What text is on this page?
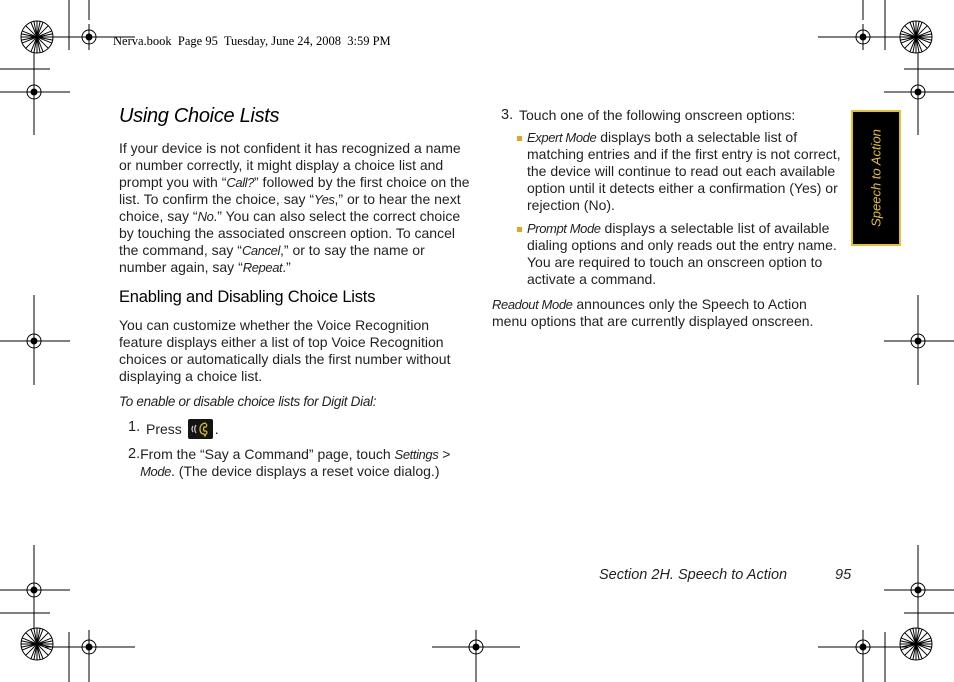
Nerva.book  Page 95  Tuesday, June 24, 2008  3:59 PM
Using Choice Lists
If your device is not confident it has recognized a name or number correctly, it might display a choice list and prompt you with “Call?” followed by the first choice on the list. To confirm the choice, say “Yes,” or to hear the next choice, say “No.” You can also select the correct choice by touching the associated onscreen option. To cancel the command, say “Cancel,” or to say the name or number again, say “Repeat.”
Enabling and Disabling Choice Lists
You can customize whether the Voice Recognition feature displays either a list of top Voice Recognition choices or automatically dials the first number without displaying a choice list.
To enable or disable choice lists for Digit Dial:
1. Press
.
2. From the “Say a Command” page, touch Settings > Mode. (The device displays a reset voice dialog.)
3. Touch one of the following onscreen options:
Expert Mode displays both a selectable list of matching entries and if the first entry is not correct, the device will continue to read out each available option until it detects either a confirmation (Yes) or rejection (No).
Prompt Mode displays a selectable list of available dialing options and only reads out the entry name. You are required to touch an onscreen option to activate a command.
Readout Mode announces only the Speech to Action menu options that are currently displayed onscreen.
Speech to Action
Section 2H. Speech to Action	95
